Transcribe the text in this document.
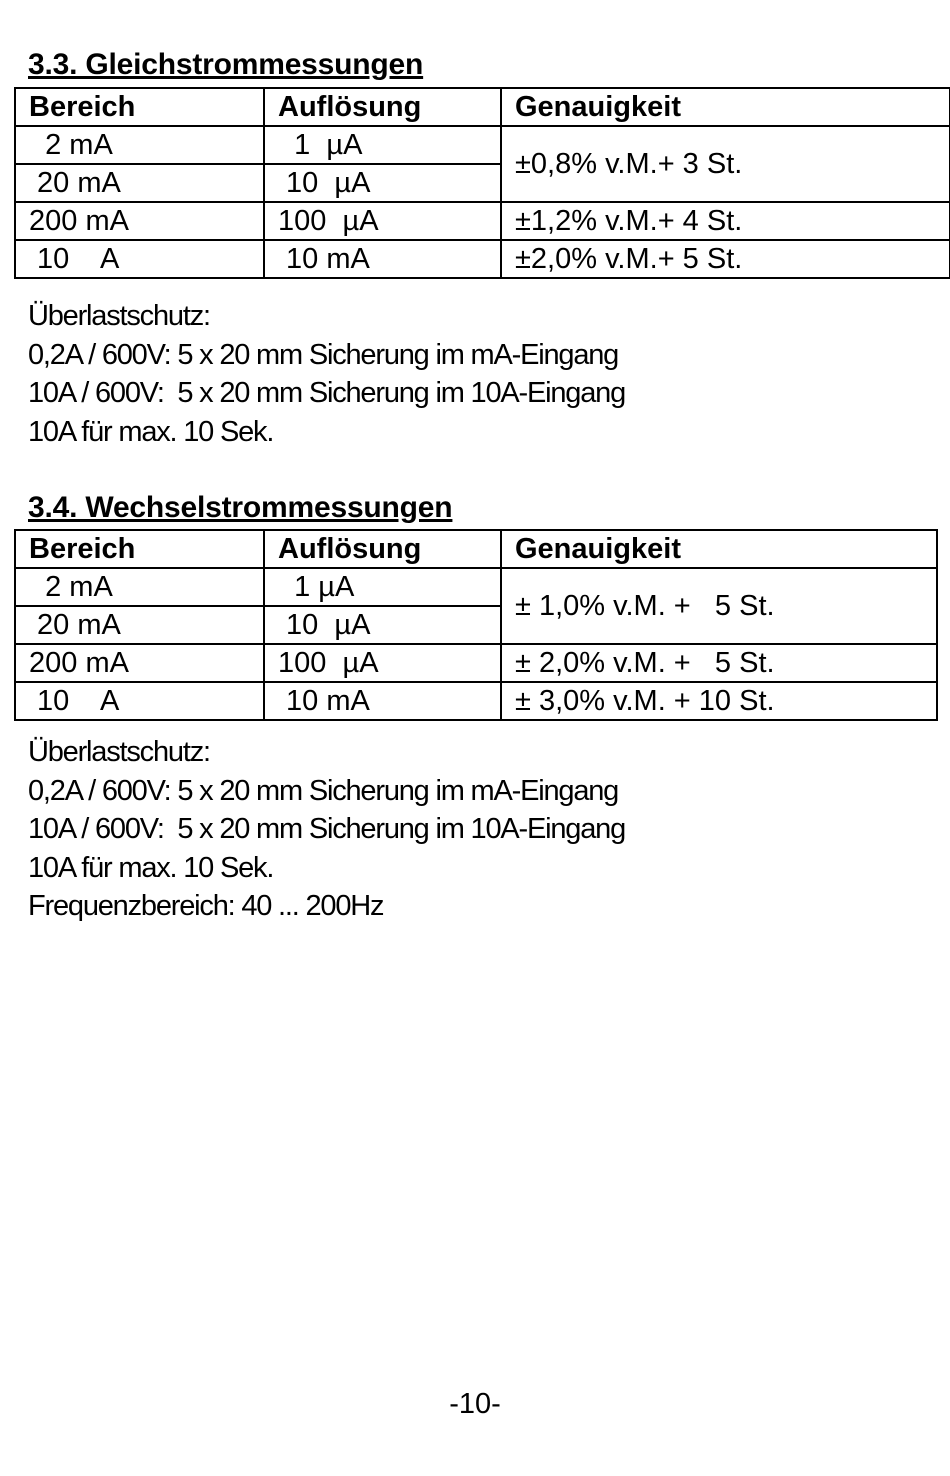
3.3. Gleichstrommessungen
Bereich	Auflösung	Genauigkeit
2 mA	1  µA	±0,8% v.M.+ 3 St.
20 mA	10  µA	
200 mA	100  µA	±1,2% v.M.+ 4 St.
10    A	10 mA	±2,0% v.M.+ 5 St.
Überlastschutz:
0,2A / 600V: 5 x 20 mm Sicherung im mA-Eingang
10A / 600V:  5 x 20 mm Sicherung im 10A-Eingang
10A für max. 10 Sek.
3.4. Wechselstrommessungen
Bereich	Auflösung	Genauigkeit
2 mA	1 µA	± 1,0% v.M. +   5 St.
20 mA	10  µA	
200 mA	100  µA	± 2,0% v.M. +   5 St.
10    A	10 mA	± 3,0% v.M. + 10 St.
Überlastschutz:
0,2A / 600V: 5 x 20 mm Sicherung im mA-Eingang
10A / 600V:  5 x 20 mm Sicherung im 10A-Eingang
10A für max. 10 Sek.
Frequenzbereich: 40 ... 200Hz
-10-
